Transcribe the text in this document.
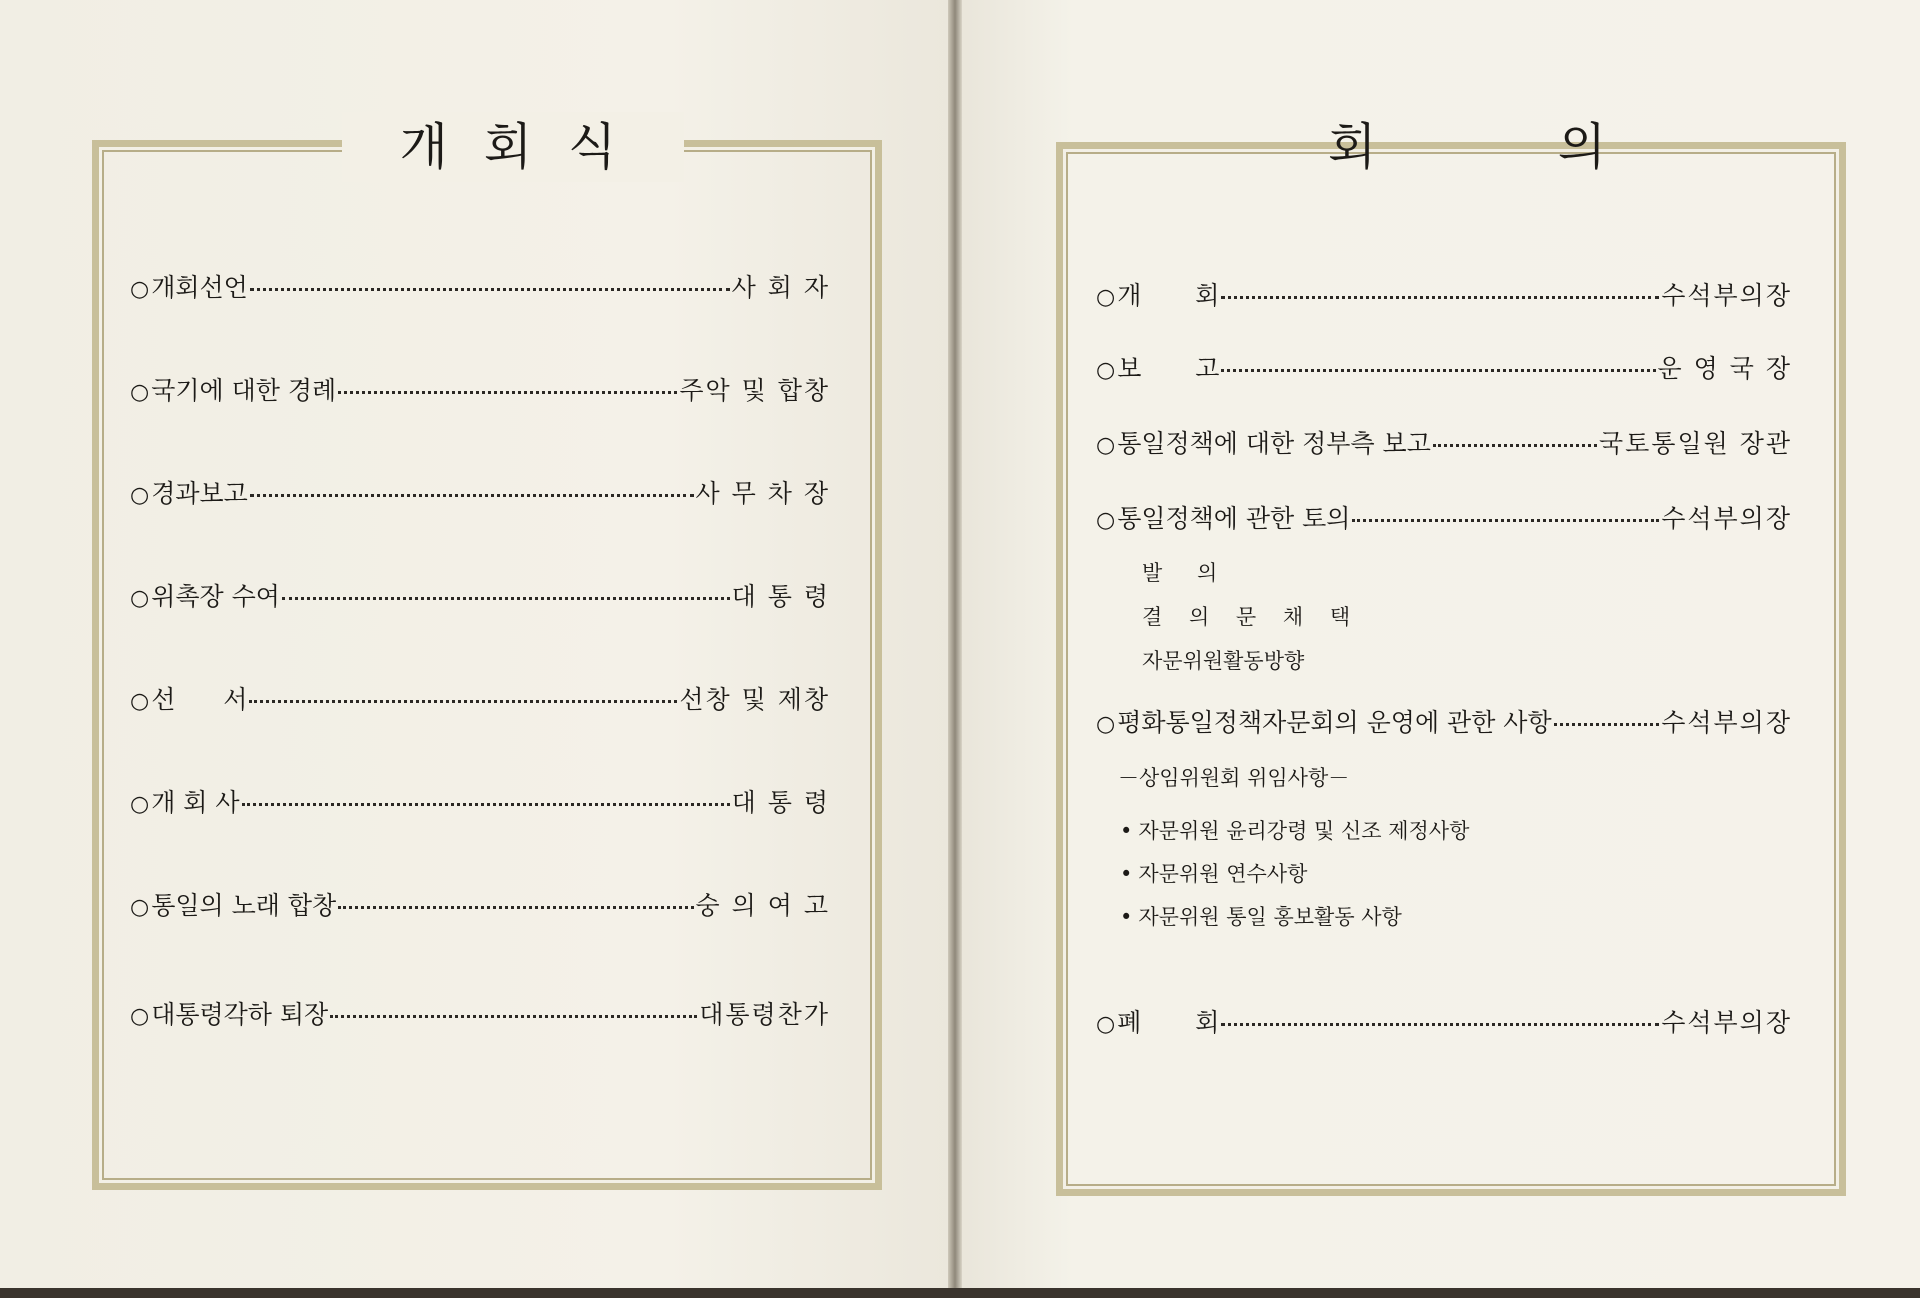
개 회 식	회	의
○ 개회선언	사 회 자
○ 국기에 대한 경례	주악 및 합창
○ 경과보고	사 무 차 장
○ 위촉장 수여	대 통 령
○ 선 서	선창 및 제창
○ 개 회 사	대 통 령
○ 통일의 노래 합창	숭 의 여 고
○ 대통령각하 퇴장	대통령찬가
○ 개 회	수석부의장
○ 보 고	운 영 국 장
○ 통일정책에 대한 정부측 보고	국토통일원 장관
○ 통일정책에 관한 토의	수석부의장
발 의
결 의 문 채 택
자문위원활동방향
○ 평화통일정책자문회의 운영에 관한 사항	수석부의장
－상임위원회 위임사항－
• 자문위원 윤리강령 및 신조 제정사항
• 자문위원 연수사항
• 자문위원 통일 홍보활동 사항
○ 폐 회	수석부의장
